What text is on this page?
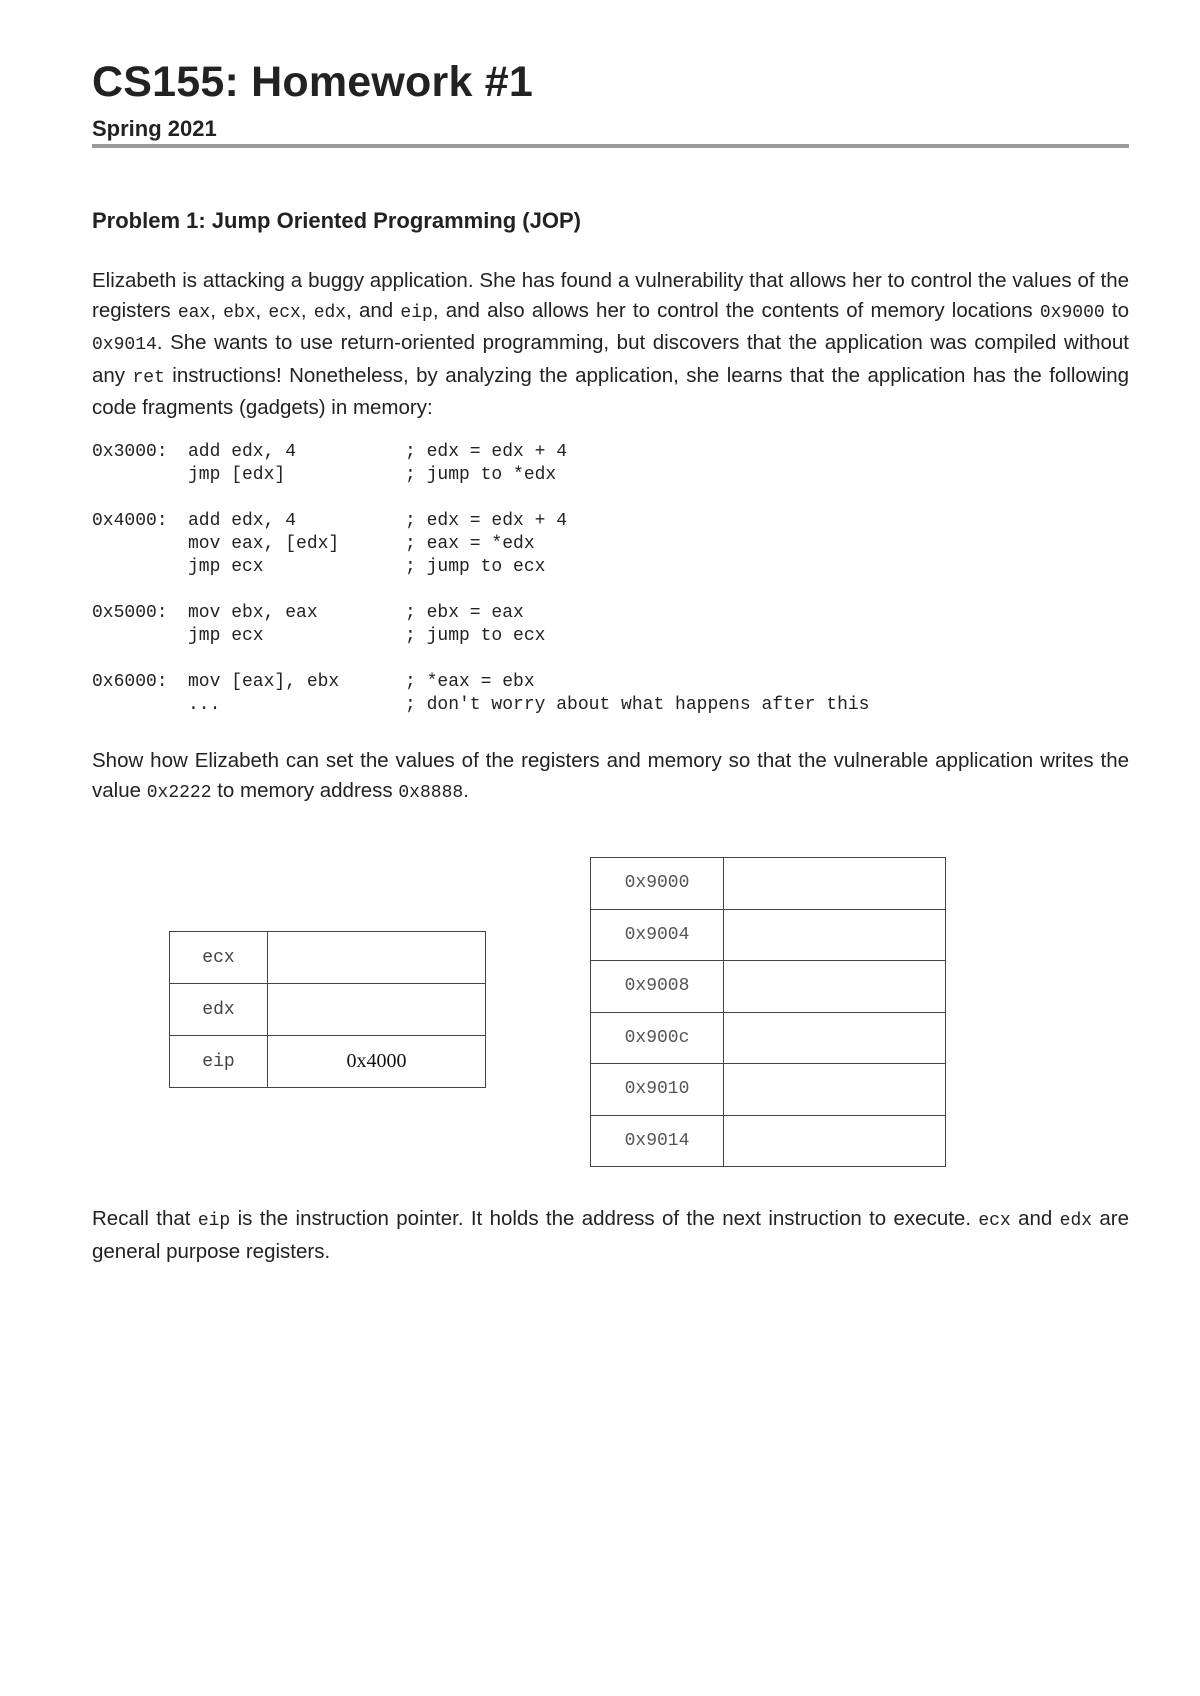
CS155: Homework #1
Spring 2021
Problem 1: Jump Oriented Programming (JOP)
Elizabeth is attacking a buggy application. She has found a vulnerability that allows her to control the values of the registers eax, ebx, ecx, edx, and eip, and also allows her to control the contents of memory locations 0x9000 to 0x9014. She wants to use return-oriented programming, but discovers that the application was compiled without any ret instructions! Nonetheless, by analyzing the application, she learns that the application has the following code fragments (gadgets) in memory:
0x3000: add edx, 4	; edx = edx + 4
jmp [edx]	; jump to *edx
0x4000: add edx, 4	; edx = edx + 4
mov eax, [edx]	; eax = *edx
jmp ecx	; jump to ecx
0x5000: mov ebx, eax	; ebx = eax
jmp ecx	; jump to ecx
0x6000: mov [eax], ebx	; *eax = ebx
...	; don't worry about what happens after this
Show how Elizabeth can set the values of the registers and memory so that the vulnerable application writes the value 0x2222 to memory address 0x8888.
ecx	
edx	
eip	0x4000
0x9000	
0x9004	
0x9008	
0x900c	
0x9010	
0x9014	
Recall that eip is the instruction pointer. It holds the address of the next instruction to execute. ecx and edx are general purpose registers.
